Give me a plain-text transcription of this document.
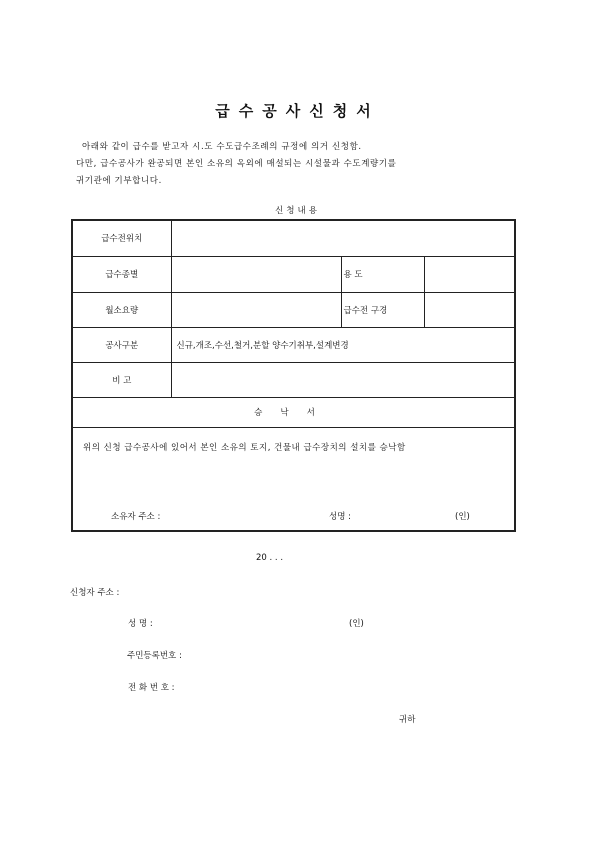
급수공사신청서
아래와 같이 급수를 받고자 시.도 수도급수조례의 규정에 의거 신청함.
다만, 급수공사가 완공되면 본인 소유의 옥외에 매설되는 시설물과 수도계량기를
귀기관에 기부합니다.
신청내용
급수전위치			
급수종별		용 도	
월소요량		급수전 구경	
공사구분	신규,개조,수선,철거,분할 양수기취부,설계변경		
비 고			
승낙서			

위의 신청 급수공사에 있어서 본인 소유의 토지, 건물내 급수장치의 설치를 승낙함
소유자 주소 : 성명 : (인)			
20 . . .
신청자 주소 :
성 명 :	(인)
주민등록번호 :
전 화 번 호 :
귀하
